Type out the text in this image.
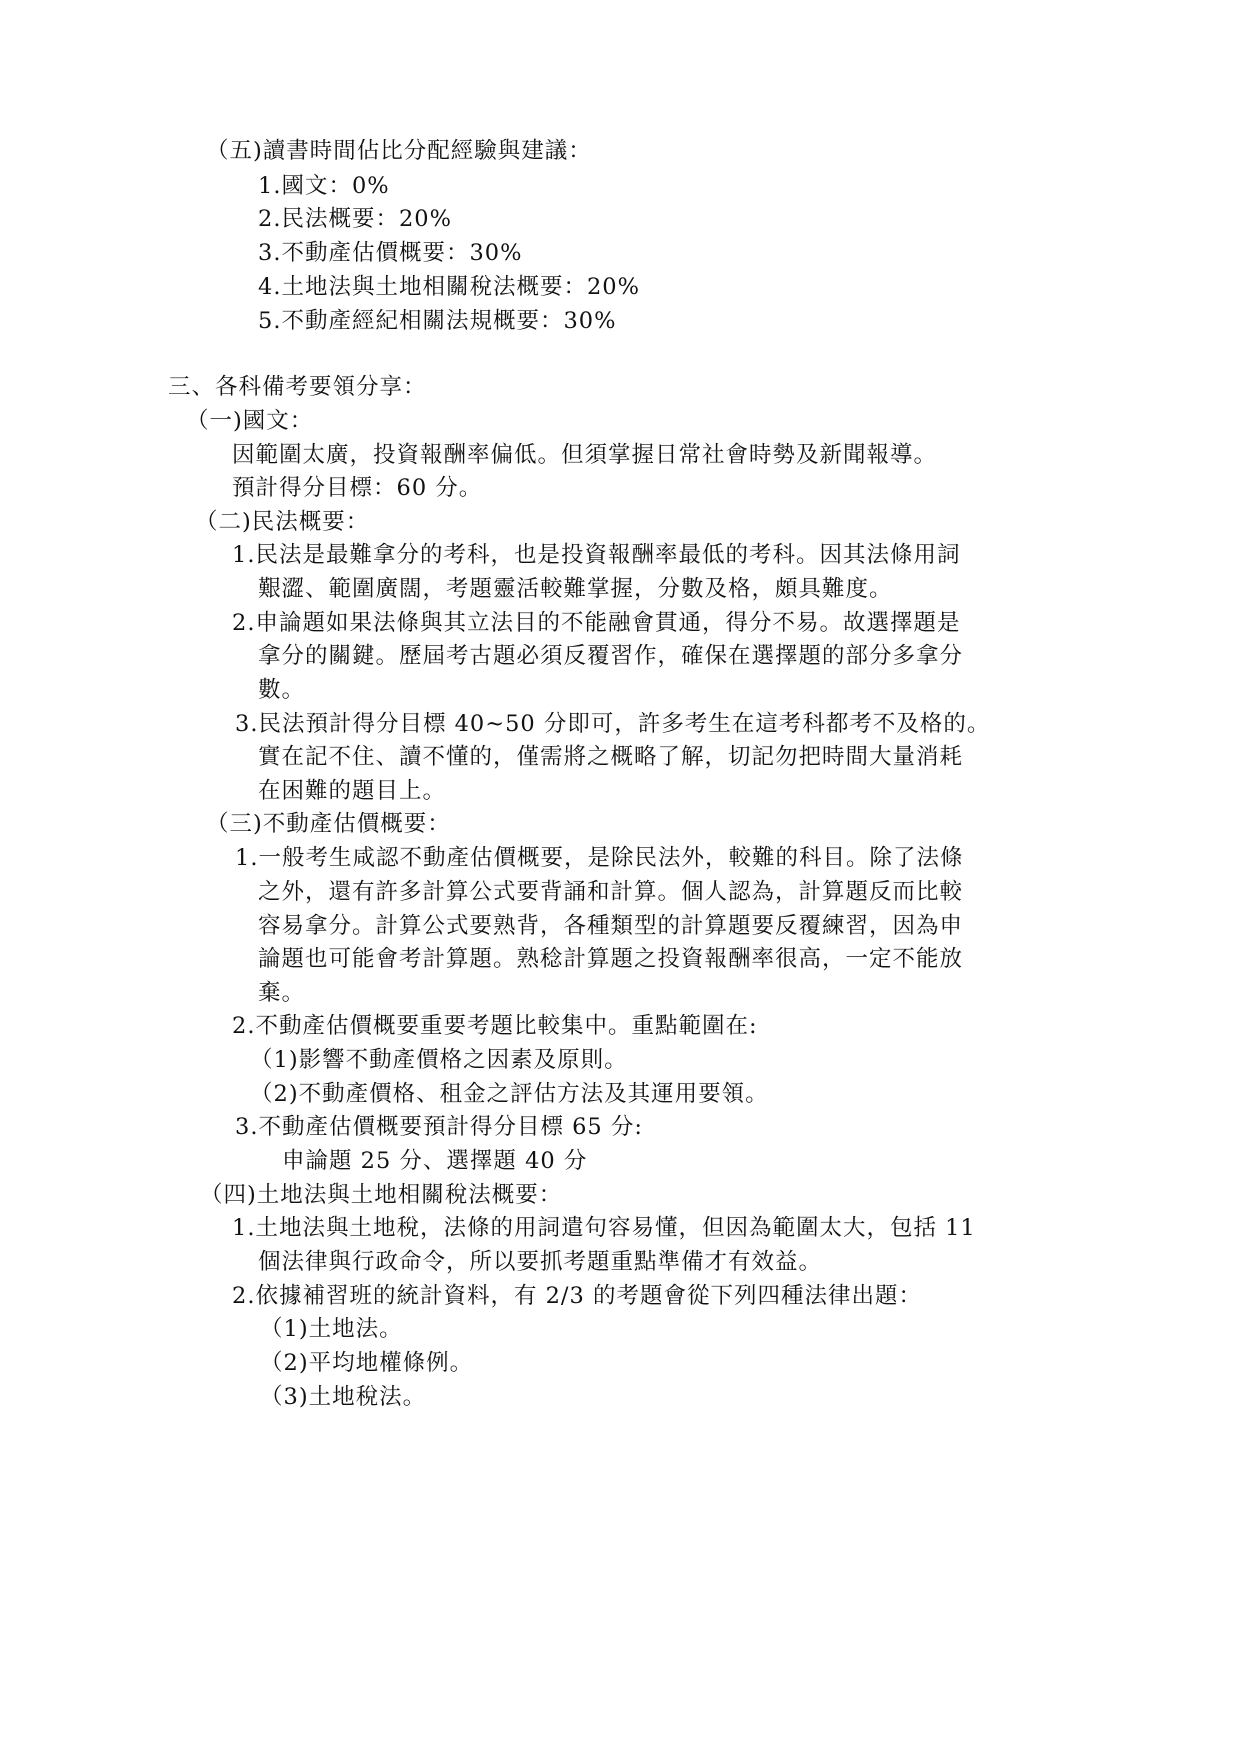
（五)讀書時間佔比分配經驗與建議：
1.國文：0%
2.民法概要：20%
3.不動產估價概要：30%
4.土地法與土地相關稅法概要：20%
5.不動產經紀相關法規概要：30%
三、各科備考要領分享：
（一)國文：
因範圍太廣，投資報酬率偏低。但須掌握日常社會時勢及新聞報導。
預計得分目標：60 分。
（二)民法概要：
1.民法是最難拿分的考科，也是投資報酬率最低的考科。因其法條用詞
艱澀、範圍廣闊，考題靈活較難掌握，分數及格，頗具難度。
2.申論題如果法條與其立法目的不能融會貫通，得分不易。故選擇題是
拿分的關鍵。歷屆考古題必須反覆習作，確保在選擇題的部分多拿分
數。
3.民法預計得分目標 40~50 分即可，許多考生在這考科都考不及格的。
實在記不住、讀不懂的，僅需將之概略了解，切記勿把時間大量消耗
在困難的題目上。
（三)不動產估價概要：
1.一般考生咸認不動產估價概要，是除民法外，較難的科目。除了法條
之外，還有許多計算公式要背誦和計算。個人認為，計算題反而比較
容易拿分。計算公式要熟背，各種類型的計算題要反覆練習，因為申
論題也可能會考計算題。熟稔計算題之投資報酬率很高，一定不能放
棄。
2.不動產估價概要重要考題比較集中。重點範圍在:
（1)影響不動產價格之因素及原則。
（2)不動產價格、租金之評估方法及其運用要領。
3.不動產估價概要預計得分目標 65 分:
申論題 25 分、選擇題 40 分
（四)土地法與土地相關稅法概要：
1.土地法與土地稅，法條的用詞遣句容易懂，但因為範圍太大，包括 11
個法律與行政命令，所以要抓考題重點準備才有效益。
2.依據補習班的統計資料，有 2/3 的考題會從下列四種法律出題：
（1)土地法。
（2)平均地權條例。
（3)土地稅法。
